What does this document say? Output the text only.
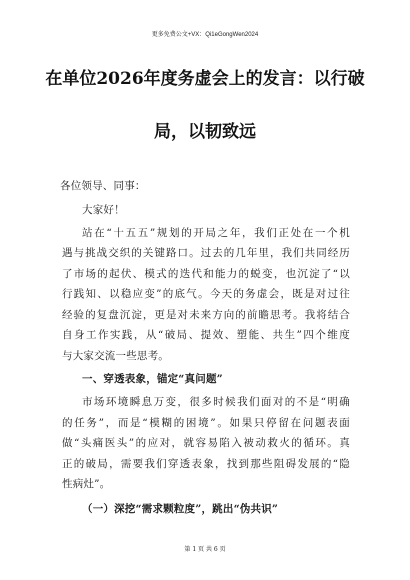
更多免费公文+VX：Qi1eGongWen2024
在单位2026年度务虚会上的发言：以行破
局，以韧致远
各位领导、同事：
大家好！
站在“十五五”规划的开局之年，我们正处在一个机
遇与挑战交织的关键路口。过去的几年里，我们共同经历
了市场的起伏、模式的迭代和能力的蜕变，也沉淀了“以
行践知、以稳应变”的底气。今天的务虚会，既是对过往
经验的复盘沉淀，更是对未来方向的前瞻思考。我将结合
自身工作实践，从“破局、提效、塑能、共生”四个维度
与大家交流一些思考。
一、穿透表象，锚定“真问题”
市场环境瞬息万变，很多时候我们面对的不是“明确
的任务”，而是“模糊的困境”。如果只停留在问题表面
做“头痛医头”的应对，就容易陷入被动救火的循环。真
正的破局，需要我们穿透表象，找到那些阻碍发展的“隐
性病灶”。
（一）深挖“需求颗粒度”，跳出“伪共识”
第 1 页 共 6 页
